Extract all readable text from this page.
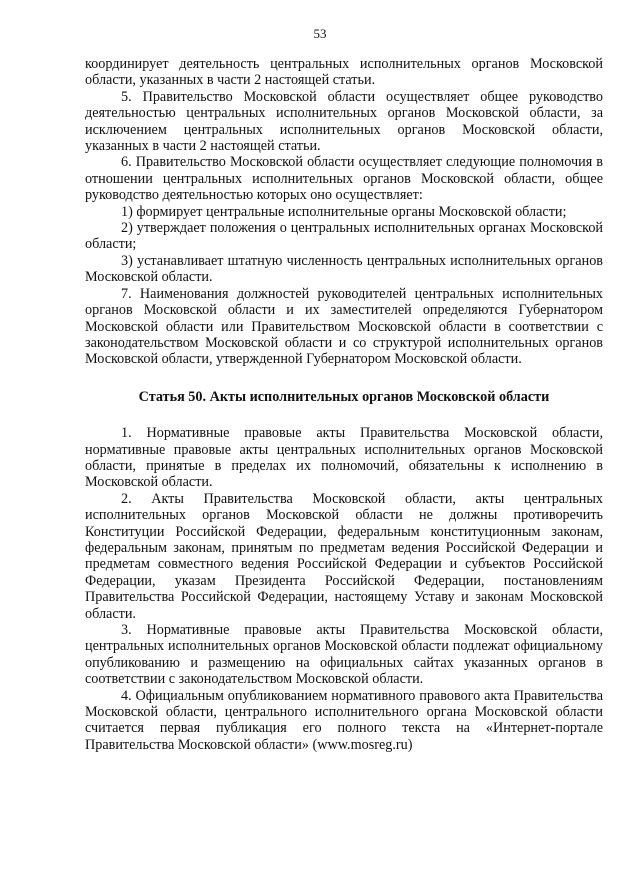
53

координирует деятельность центральных исполнительных органов Московской области, указанных в части 2 настоящей статьи.

5. Правительство Московской области осуществляет общее руководство деятельностью центральных исполнительных органов Московской области, за исключением центральных исполнительных органов Московской области, указанных в части 2 настоящей статьи.

6. Правительство Московской области осуществляет следующие полномочия в отношении центральных исполнительных органов Московской области, общее руководство деятельностью которых оно осуществляет:

1) формирует центральные исполнительные органы Московской области;

2) утверждает положения о центральных исполнительных органах Московской области;

3) устанавливает штатную численность центральных исполнительных органов Московской области.

7. Наименования должностей руководителей центральных исполнительных органов Московской области и их заместителей определяются Губернатором Московской области или Правительством Московской области в соответствии с законодательством Московской области и со структурой исполнительных органов Московской области, утвержденной Губернатором Московской области.

Статья 50. Акты исполнительных органов Московской области

1. Нормативные правовые акты Правительства Московской области, нормативные правовые акты центральных исполнительных органов Московской области, принятые в пределах их полномочий, обязательны к исполнению в Московской области.

2. Акты Правительства Московской области, акты центральных исполнительных органов Московской области не должны противоречить Конституции Российской Федерации, федеральным конституционным законам, федеральным законам, принятым по предметам ведения Российской Федерации и предметам совместного ведения Российской Федерации и субъектов Российской Федерации, указам Президента Российской Федерации, постановлениям Правительства Российской Федерации, настоящему Уставу и законам Московской области.

3. Нормативные правовые акты Правительства Московской области, центральных исполнительных органов Московской области подлежат официальному опубликованию и размещению на официальных сайтах указанных органов в соответствии с законодательством Московской области.

4. Официальным опубликованием нормативного правового акта Правительства Московской области, центрального исполнительного органа Московской области считается первая публикация его полного текста на «Интернет-портале Правительства Московской области» (www.mosreg.ru)
